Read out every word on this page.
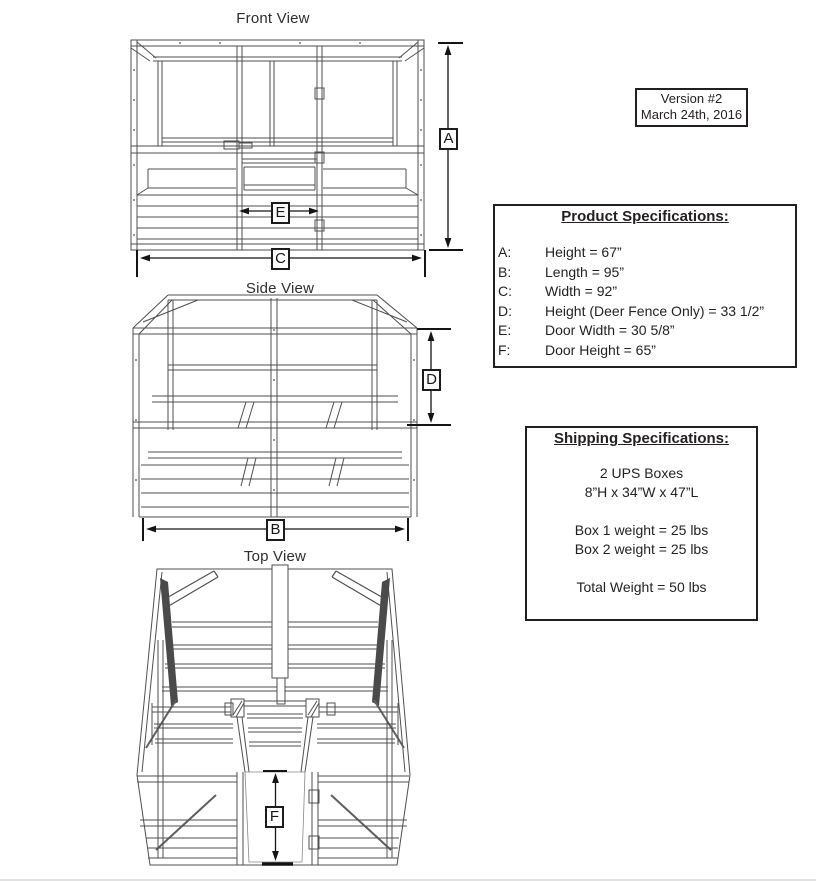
Front View
Side View
Top View
A
E
C
D
B
F
Version #2
March 24th, 2016
Product Specifications:
A:	Height = 67”
B:	Length = 95”
C:	Width = 92”
D:	Height (Deer Fence Only) = 33 1/2”
E:	Door Width = 30 5/8”
F:	Door Height = 65”
Shipping Specifications:
2 UPS Boxes
8”H x 34”W x 47”L
Box 1 weight = 25 lbs
Box 2 weight = 25 lbs
Total Weight = 50 lbs
